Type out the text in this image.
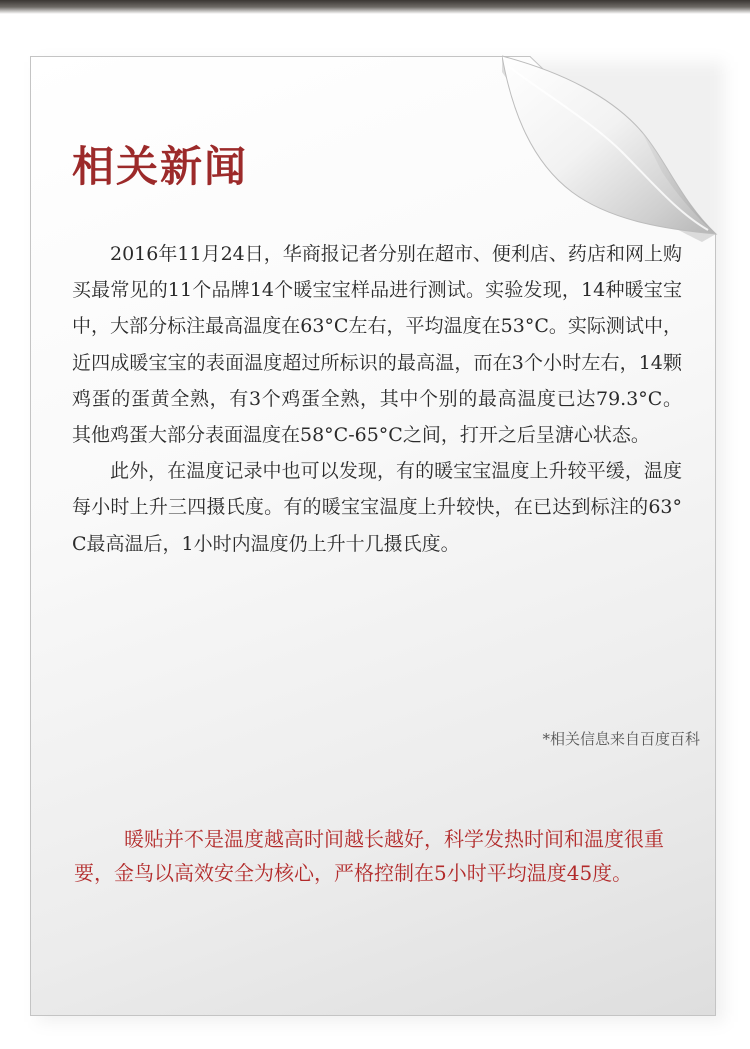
相关新闻

2016年11月24日，华商报记者分别在超市、便利店、药店和网上购买最常见的11个品牌14个暖宝宝样品进行测试。实验发现，14种暖宝宝中，大部分标注最高温度在63°C左右，平均温度在53°C。实际测试中，近四成暖宝宝的表面温度超过所标识的最高温，而在3个小时左右，14颗鸡蛋的蛋黄全熟，有3个鸡蛋全熟，其中个别的最高温度已达79.3°C。其他鸡蛋大部分表面温度在58°C-65°C之间，打开之后呈溏心状态。

此外，在温度记录中也可以发现，有的暖宝宝温度上升较平缓，温度每小时上升三四摄氏度。有的暖宝宝温度上升较快，在已达到标注的63°C最高温后，1小时内温度仍上升十几摄氏度。

*相关信息来自百度百科

暖贴并不是温度越高时间越长越好，科学发热时间和温度很重要，金鸟以高效安全为核心，严格控制在5小时平均温度45度。
